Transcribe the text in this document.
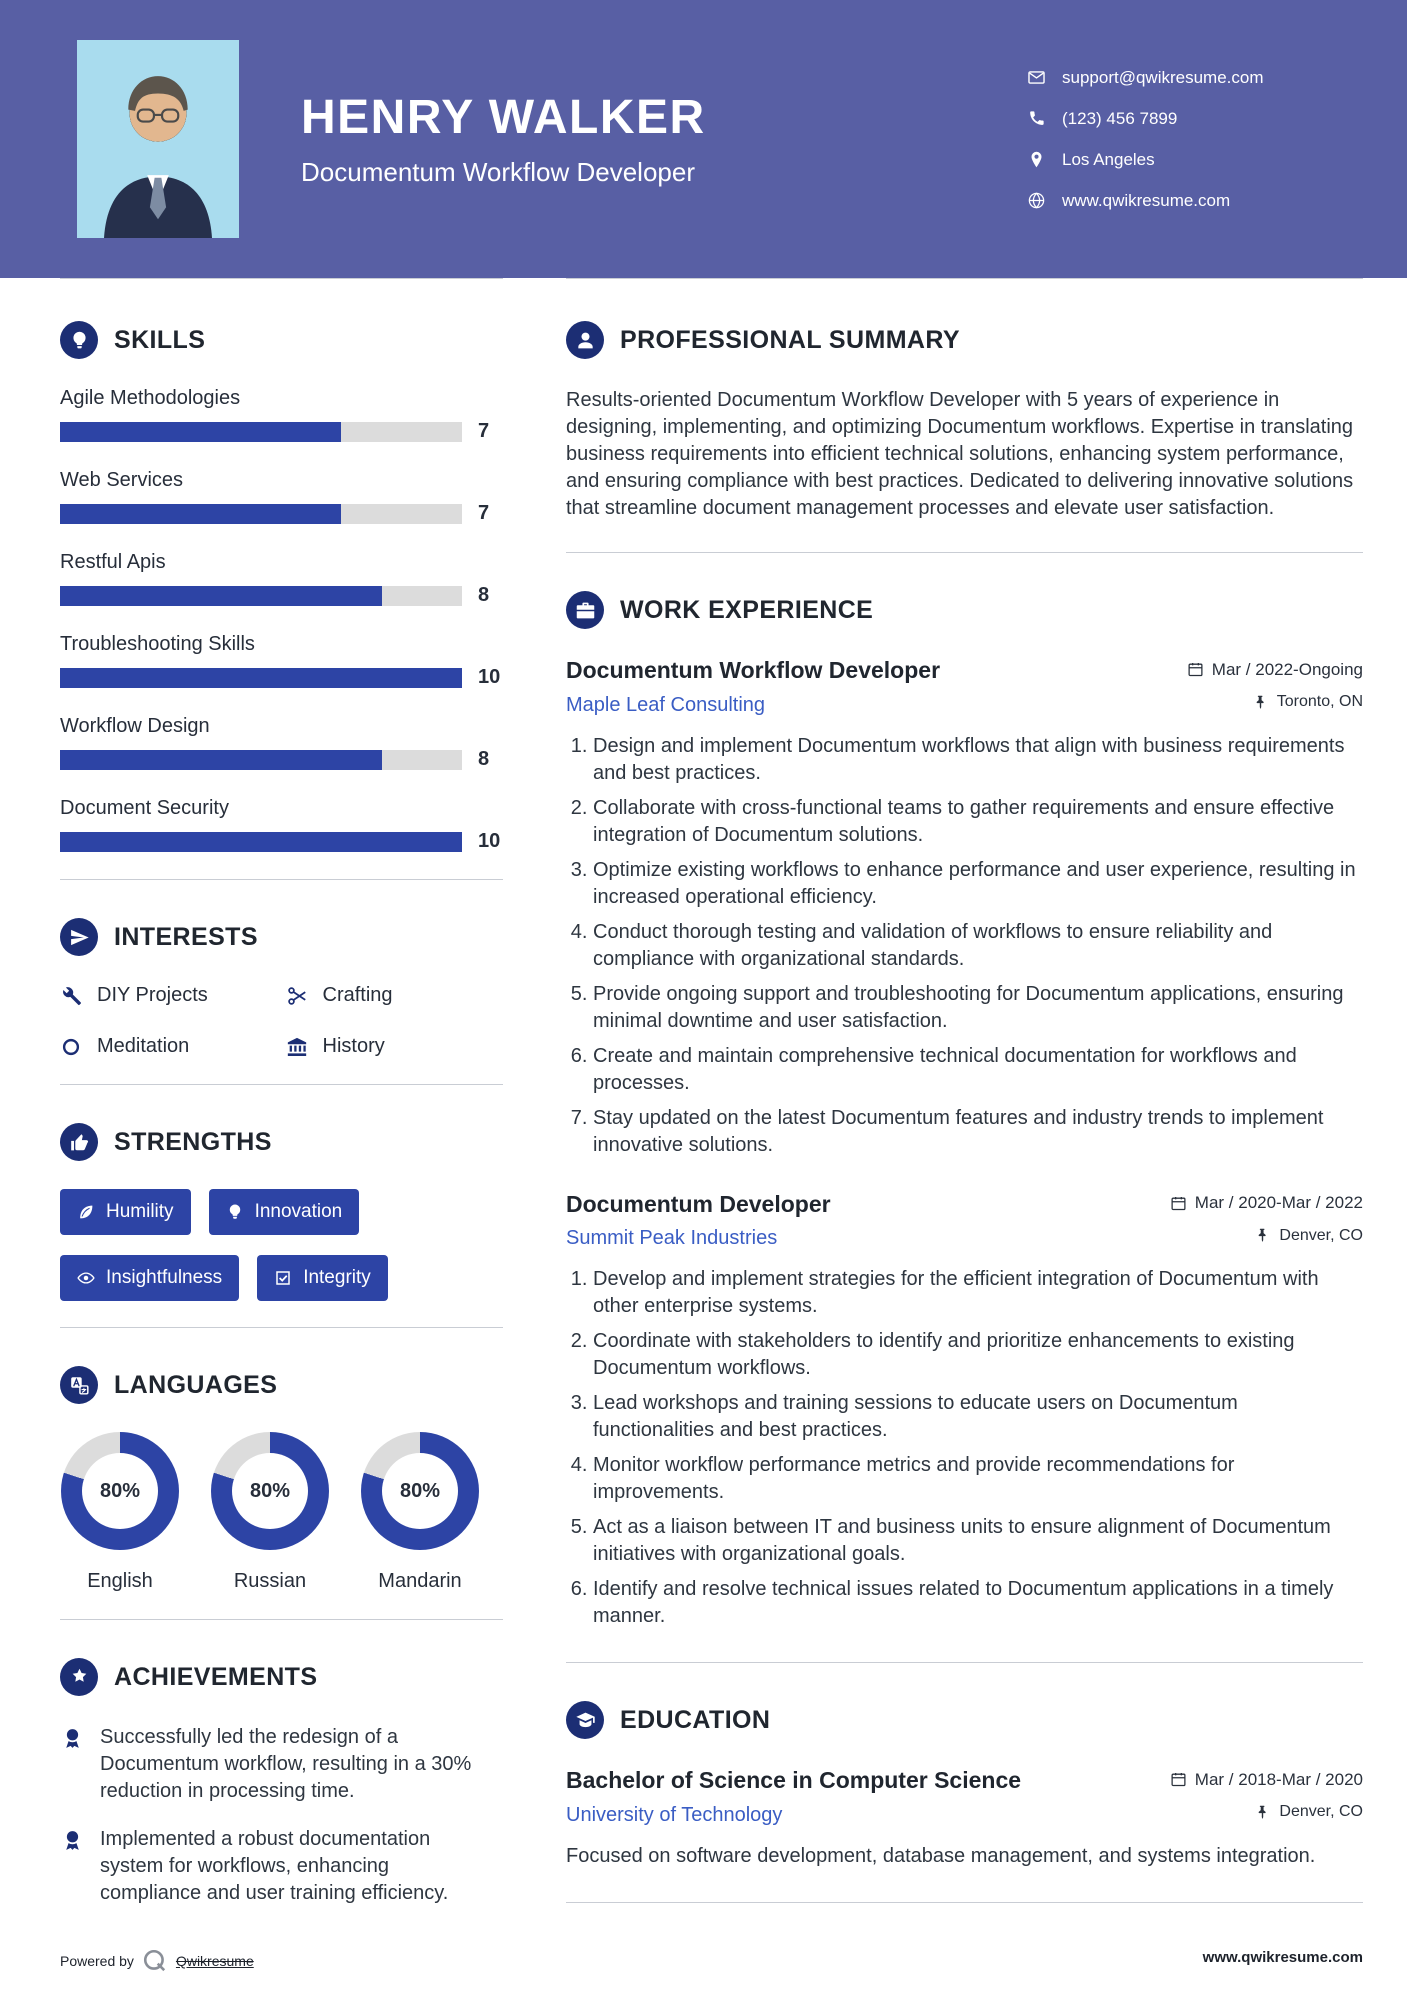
HENRY WALKER
Documentum Workflow Developer
support@qwikresume.com
(123) 456 7899
Los Angeles
www.qwikresume.com
SKILLS
Agile Methodologies
7
Web Services
7
Restful Apis
8
Troubleshooting Skills
10
Workflow Design
8
Document Security
10
INTERESTS
DIY Projects	Crafting
Meditation	History
STRENGTHS
Humility	Innovation
Insightfulness	Integrity
LANGUAGES
80%
English
80%
Russian
80%
Mandarin
ACHIEVEMENTS
Successfully led the redesign of a Documentum workflow, resulting in a 30% reduction in processing time.
Implemented a robust documentation system for workflows, enhancing compliance and user training efficiency.
PROFESSIONAL SUMMARY

Results-oriented Documentum Workflow Developer with 5 years of experience in designing, implementing, and optimizing Documentum workflows. Expertise in translating business requirements into efficient technical solutions, enhancing system performance, and ensuring compliance with best practices. Dedicated to delivering innovative solutions that streamline document management processes and elevate user satisfaction.

WORK EXPERIENCE
Documentum Workflow Developer	Mar / 2022-Ongoing
Maple Leaf Consulting	Toronto, ON
1. Design and implement Documentum workflows that align with business requirements and best practices.
2. Collaborate with cross-functional teams to gather requirements and ensure effective integration of Documentum solutions.
3. Optimize existing workflows to enhance performance and user experience, resulting in increased operational efficiency.
4. Conduct thorough testing and validation of workflows to ensure reliability and compliance with organizational standards.
5. Provide ongoing support and troubleshooting for Documentum applications, ensuring minimal downtime and user satisfaction.
6. Create and maintain comprehensive technical documentation for workflows and processes.
7. Stay updated on the latest Documentum features and industry trends to implement innovative solutions.
Documentum Developer	Mar / 2020-Mar / 2022
Summit Peak Industries	Denver, CO
1. Develop and implement strategies for the efficient integration of Documentum with other enterprise systems.
2. Coordinate with stakeholders to identify and prioritize enhancements to existing Documentum workflows.
3. Lead workshops and training sessions to educate users on Documentum functionalities and best practices.
4. Monitor workflow performance metrics and provide recommendations for improvements.
5. Act as a liaison between IT and business units to ensure alignment of Documentum initiatives with organizational goals.
6. Identify and resolve technical issues related to Documentum applications in a timely manner.
EDUCATION
Bachelor of Science in Computer Science	Mar / 2018-Mar / 2020
University of Technology	Denver, CO

Focused on software development, database management, and systems integration.

Powered by	Qwikresume	www.qwikresume.com
